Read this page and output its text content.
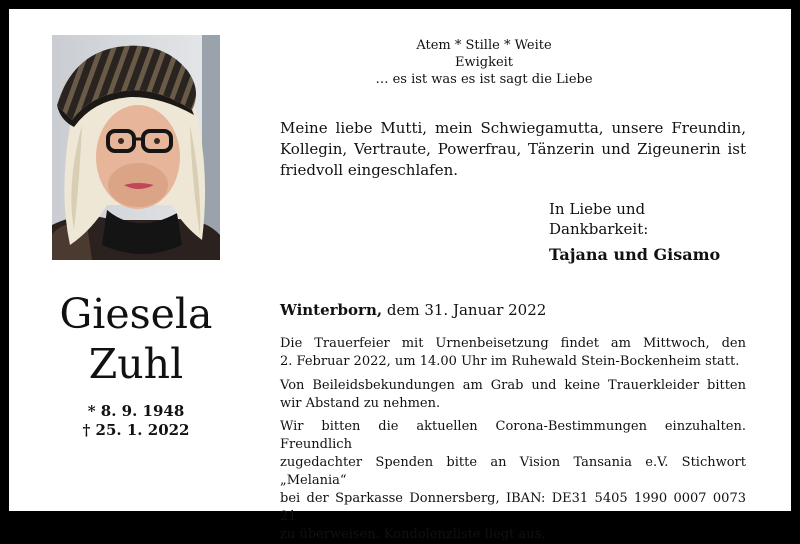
Giesela
Zuhl
* 8. 9. 1948
† 25. 1. 2022
Atem * Stille * Weite
Ewigkeit
… es ist was es ist sagt die Liebe
Meine liebe Mutti, mein Schwiegamutta, unsere Freundin,
Kollegin, Vertraute, Powerfrau, Tänzerin und Zigeunerin ist
friedvoll eingeschlafen.
In Liebe und
Dankbarkeit:
Tajana und Gisamo
Winterborn, dem 31. Januar 2022
Die Trauerfeier mit Urnenbeisetzung findet am Mittwoch, den
2. Februar 2022, um 14.00 Uhr im Ruhewald Stein-Bockenheim statt.
Von Beileidsbekundungen am Grab und keine Trauerkleider bitten
wir Abstand zu nehmen.
Wir bitten die aktuellen Corona-Bestimmungen einzuhalten. Freundlich
zugedachter Spenden bitte an Vision Tansania e.V. Stichwort „Melania“
bei der Sparkasse Donnersberg, IBAN: DE31 5405 1990 0007 0073 21
zu überweisen. Kondolenzliste liegt aus.
